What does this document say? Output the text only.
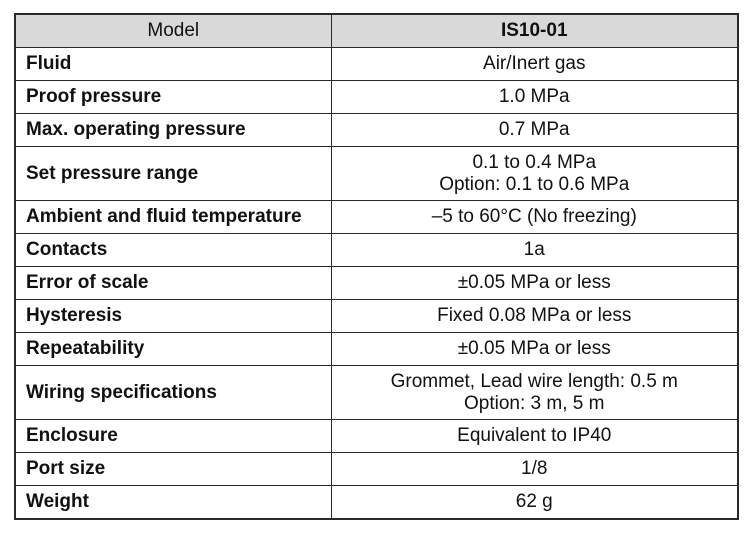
Model	IS10-01
Fluid	Air/Inert gas

Proof pressure	1.0 MPa

Max. operating pressure	0.7 MPa

Set pressure range	0.1 to 0.4 MPa
Option: 0.1 to 0.6 MPa

Ambient and fluid temperature	–5 to 60°C (No freezing)

Contacts	1a

Error of scale	±0.05 MPa or less

Hysteresis	Fixed 0.08 MPa or less

Repeatability	±0.05 MPa or less

Wiring specifications	Grommet, Lead wire length: 0.5 m
Option: 3 m, 5 m

Enclosure	Equivalent to IP40

Port size	1/8

Weight	62 g
